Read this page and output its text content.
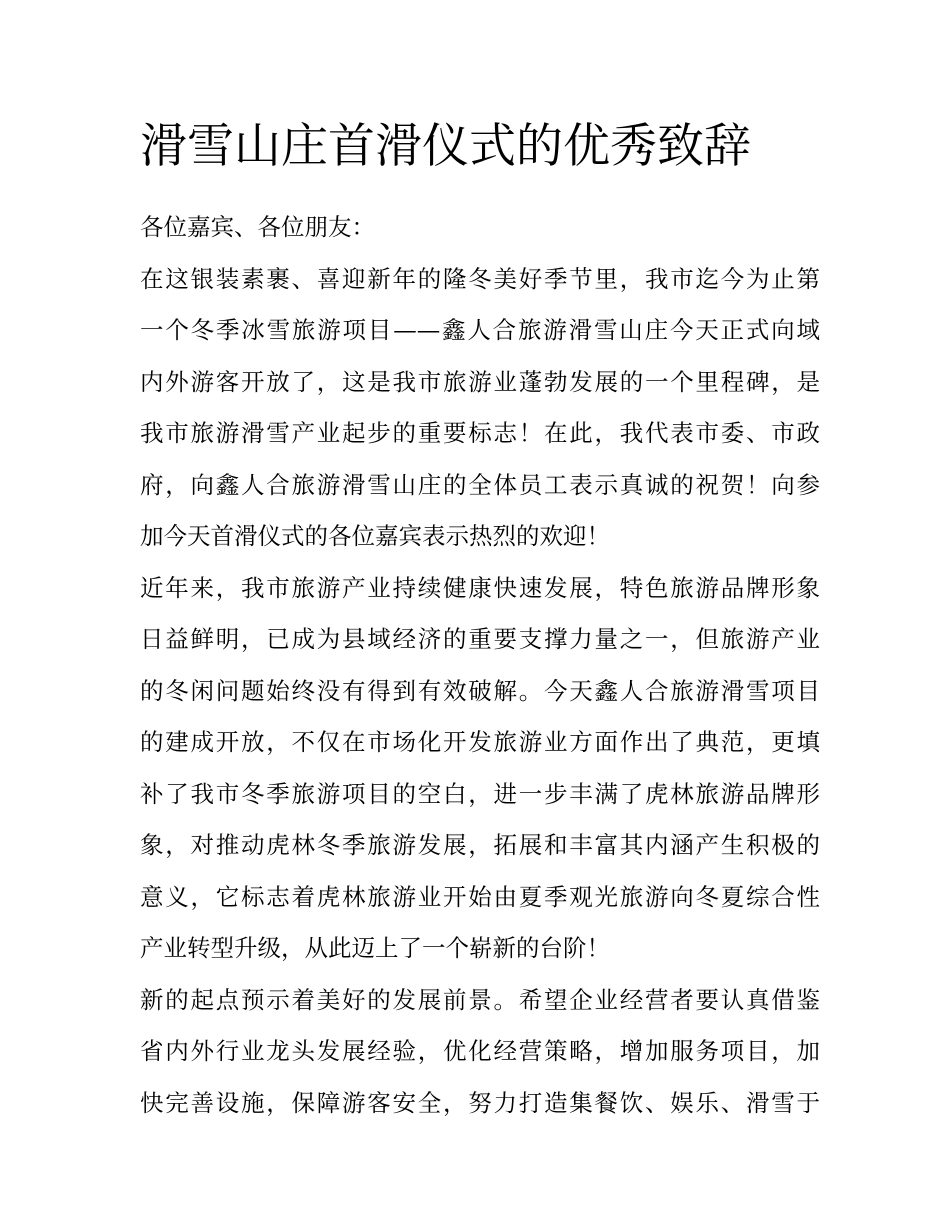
滑雪山庄首滑仪式的优秀致辞
各位嘉宾、各位朋友：
在这银装素裹、喜迎新年的隆冬美好季节里，我市迄今为止第
一个冬季冰雪旅游项目——鑫人合旅游滑雪山庄今天正式向域
内外游客开放了，这是我市旅游业蓬勃发展的一个里程碑，是
我市旅游滑雪产业起步的重要标志！在此，我代表市委、市政
府，向鑫人合旅游滑雪山庄的全体员工表示真诚的祝贺！向参
加今天首滑仪式的各位嘉宾表示热烈的欢迎！
近年来，我市旅游产业持续健康快速发展，特色旅游品牌形象
日益鲜明，已成为县域经济的重要支撑力量之一，但旅游产业
的冬闲问题始终没有得到有效破解。今天鑫人合旅游滑雪项目
的建成开放，不仅在市场化开发旅游业方面作出了典范，更填
补了我市冬季旅游项目的空白，进一步丰满了虎林旅游品牌形
象，对推动虎林冬季旅游发展，拓展和丰富其内涵产生积极的
意义，它标志着虎林旅游业开始由夏季观光旅游向冬夏综合性
产业转型升级，从此迈上了一个崭新的台阶！
新的起点预示着美好的发展前景。希望企业经营者要认真借鉴
省内外行业龙头发展经验，优化经营策略，增加服务项目，加
快完善设施，保障游客安全，努力打造集餐饮、娱乐、滑雪于
